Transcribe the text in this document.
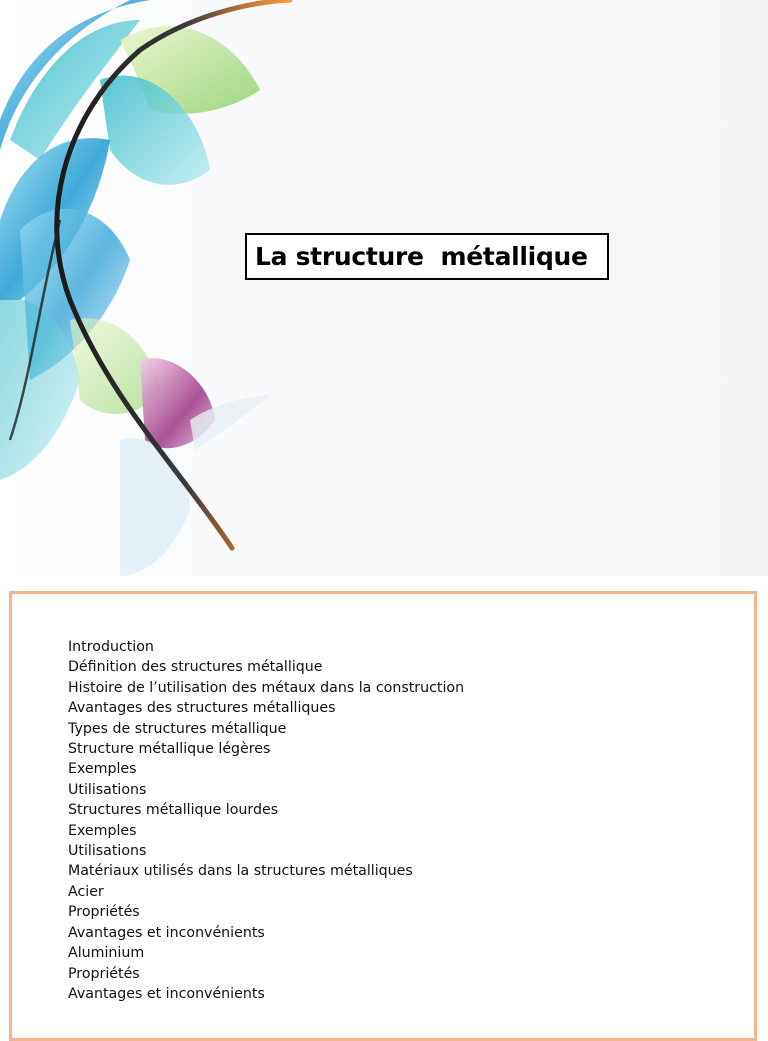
La structure  métallique
Introduction
Définition des structures métallique
Histoire de l’utilisation des métaux dans la construction
Avantages des structures métalliques
Types de structures métallique
Structure métallique légères
Exemples
Utilisations
Structures métallique lourdes
Exemples
Utilisations
Matériaux utilisés dans la structures métalliques
Acier
Propriétés
Avantages et inconvénients
Aluminium
Propriétés
Avantages et inconvénients
